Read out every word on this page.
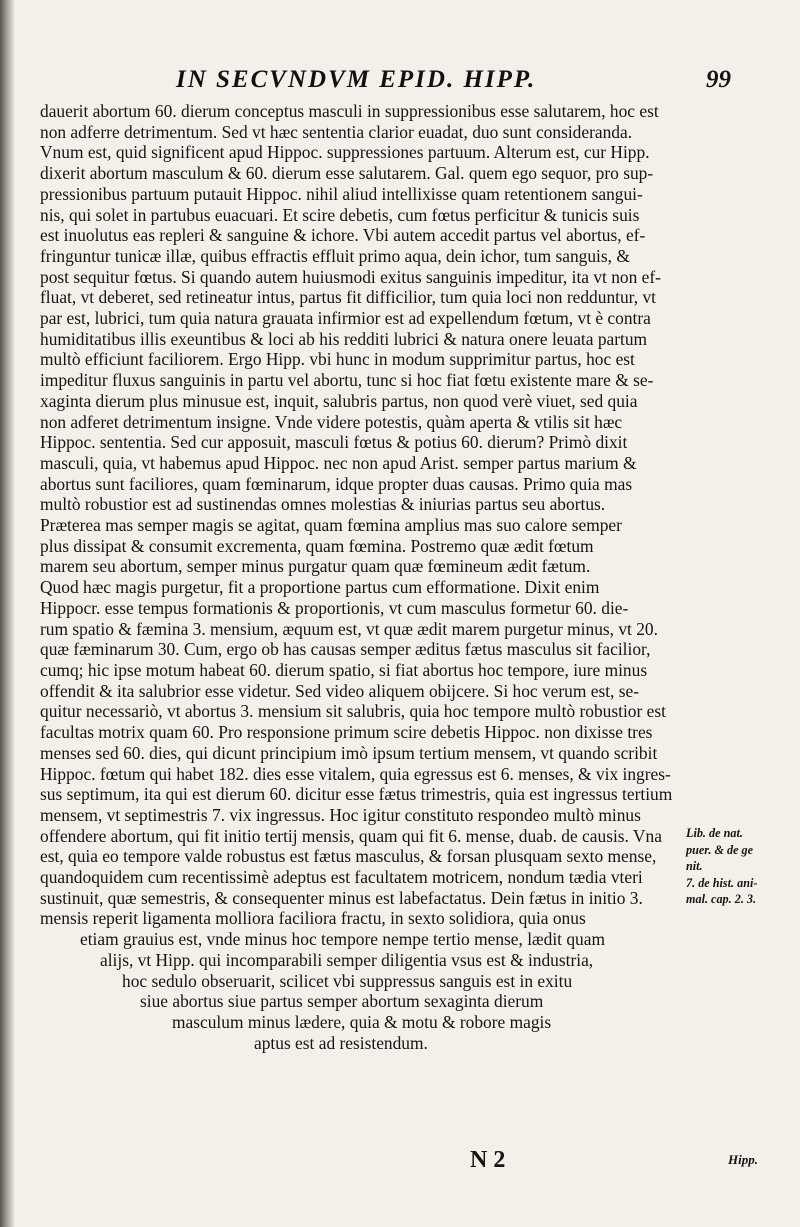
IN SECVNDVM EPID. HIPP.	99
dauerit abortum 60. dierum conceptus masculi in suppressionibus esse salutarem, hoc est
non adferre detrimentum. Sed vt hæc sententia clarior euadat, duo sunt consideranda.
Vnum est, quid significent apud Hippoc. suppressiones partuum. Alterum est, cur Hipp.
dixerit abortum masculum & 60. dierum esse salutarem. Gal. quem ego sequor, pro sup-
pressionibus partuum putauit Hippoc. nihil aliud intellixisse quam retentionem sangui-
nis, qui solet in partubus euacuari. Et scire debetis, cum fœtus perficitur & tunicis suis
est inuolutus eas repleri & sanguine & ichore. Vbi autem accedit partus vel abortus, ef-
fringuntur tunicæ illæ, quibus effractis effluit primo aqua, dein ichor, tum sanguis, &
post sequitur fœtus. Si quando autem huiusmodi exitus sanguinis impeditur, ita vt non ef-
fluat, vt deberet, sed retineatur intus, partus fit difficilior, tum quia loci non redduntur, vt
par est, lubrici, tum quia natura grauata infirmior est ad expellendum fœtum, vt è contra
humiditatibus illis exeuntibus & loci ab his redditi lubrici & natura onere leuata partum
multò efficiunt faciliorem. Ergo Hipp. vbi hunc in modum supprimitur partus, hoc est
impeditur fluxus sanguinis in partu vel abortu, tunc si hoc fiat fœtu existente mare & se-
xaginta dierum plus minusue est, inquit, salubris partus, non quod verè viuet, sed quia
non adferet detrimentum insigne. Vnde videre potestis, quàm aperta & vtilis sit hæc
Hippoc. sententia. Sed cur apposuit, masculi fœtus & potius 60. dierum? Primò dixit
masculi, quia, vt habemus apud Hippoc. nec non apud Arist. semper partus marium &
abortus sunt faciliores, quam fœminarum, idque propter duas causas. Primo quia mas
multò robustior est ad sustinendas omnes molestias & iniurias partus seu abortus.
Præterea mas semper magis se agitat, quam fœmina amplius mas suo calore semper
plus dissipat & consumit excrementa, quam fœmina. Postremo quæ ædit fœtum
marem seu abortum, semper minus purgatur quam quæ fœmineum ædit fætum.
Quod hæc magis purgetur, fit a proportione partus cum efformatione. Dixit enim
Hippocr. esse tempus formationis & proportionis, vt cum masculus formetur 60. die-
rum spatio & fæmina 3. mensium, æquum est, vt quæ ædit marem purgetur minus, vt 20.
quæ fæminarum 30. Cum, ergo ob has causas semper æditus fætus masculus sit facilior,
cumq; hic ipse motum habeat 60. dierum spatio, si fiat abortus hoc tempore, iure minus
offendit & ita salubrior esse videtur. Sed video aliquem obijcere. Si hoc verum est, se-
quitur necessariò, vt abortus 3. mensium sit salubris, quia hoc tempore multò robustior est
facultas motrix quam 60. Pro responsione primum scire debetis Hippoc. non dixisse tres
menses sed 60. dies, qui dicunt principium imò ipsum tertium mensem, vt quando scribit
Hippoc. fœtum qui habet 182. dies esse vitalem, quia egressus est 6. menses, & vix ingres-
sus septimum, ita qui est dierum 60. dicitur esse fætus trimestris, quia est ingressus tertium
mensem, vt septimestris 7. vix ingressus. Hoc igitur constituto respondeo multò minus
offendere abortum, qui fit initio tertij mensis, quam qui fit 6. mense, duab. de causis. Vna
est, quia eo tempore valde robustus est fætus masculus, & forsan plusquam sexto mense,
quandoquidem cum recentissimè adeptus est facultatem motricem, nondum tædia vteri
sustinuit, quæ semestris, & consequenter minus est labefactatus. Dein fætus in initio 3.
mensis reperit ligamenta molliora faciliora fractu, in sexto solidiora, quia onus
etiam grauius est, vnde minus hoc tempore nempe tertio mense, lædit quam
alijs, vt Hipp. qui incomparabili semper diligentia vsus est & industria,
hoc sedulo obseruarit, scilicet vbi suppressus sanguis est in exitu
siue abortus siue partus semper abortum sexaginta dierum
masculum minus lædere, quia & motu & robore magis
aptus est ad resistendum.
Lib. de nat.
puer. & de ge
nit.
7. de hist. ani-
mal. cap. 2. 3.
N 2	Hipp.
